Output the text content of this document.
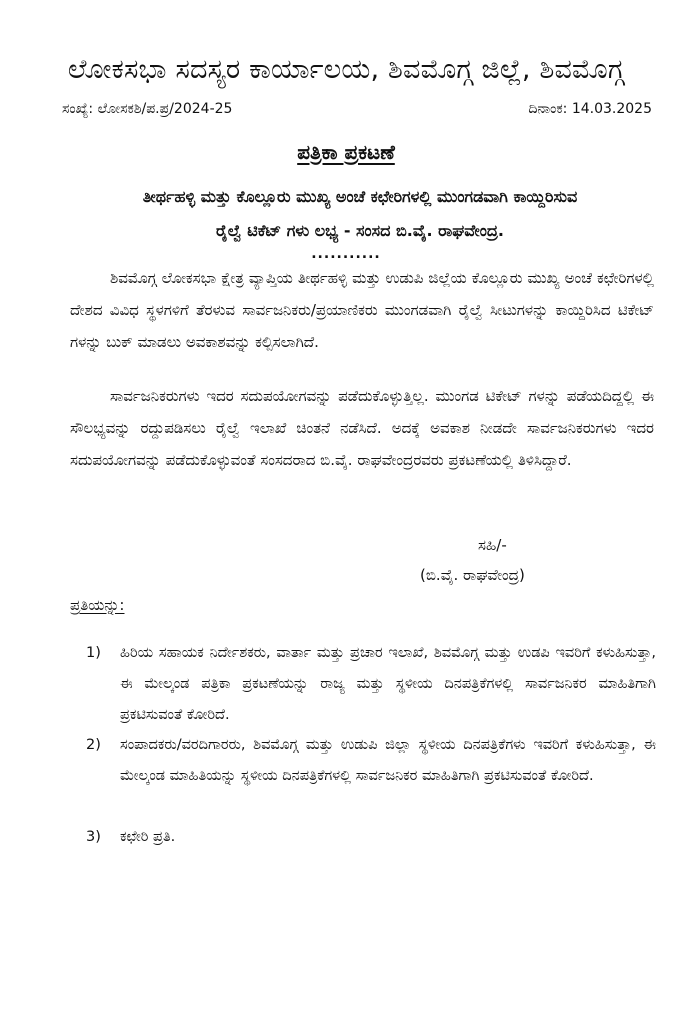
ಲೋಕಸಭಾ ಸದಸ್ಯರ ಕಾರ್ಯಾಲಯ, ಶಿವಮೊಗ್ಗ ಜಿಲ್ಲೆ, ಶಿವಮೊಗ್ಗ
ಸಂಖ್ಯೆ: ಲೋಸಕಶಿ/ಪ.ಪ್ರ/2024-25	ದಿನಾಂಕ: 14.03.2025
ಪತ್ರಿಕಾ ಪ್ರಕಟಣೆ
ತೀರ್ಥಹಳ್ಳಿ ಮತ್ತು ಕೊಲ್ಲೂರು ಮುಖ್ಯ ಅಂಚೆ ಕಛೇರಿಗಳಲ್ಲಿ ಮುಂಗಡವಾಗಿ ಕಾಯ್ದಿರಿಸುವ
ರೈಲ್ವೆ ಟಿಕೆಟ್ ಗಳು ಲಭ್ಯ - ಸಂಸದ ಬಿ.ವೈ. ರಾಘವೇಂದ್ರ.
...........
ಶಿವಮೊಗ್ಗ ಲೋಕಸಭಾ ಕ್ಷೇತ್ರ ವ್ಯಾಪ್ತಿಯ ತೀರ್ಥಹಳ್ಳಿ ಮತ್ತು ಉಡುಪಿ ಜಿಲ್ಲೆಯ ಕೊಲ್ಲೂರು ಮುಖ್ಯ ಅಂಚೆ ಕಛೇರಿಗಳಲ್ಲಿ ದೇಶದ ವಿವಿಧ ಸ್ಥಳಗಳಿಗೆ ತೆರಳುವ ಸಾರ್ವಜನಿಕರು/ಪ್ರಯಾಣಿಕರು ಮುಂಗಡವಾಗಿ ರೈಲ್ವೆ ಸೀಟುಗಳನ್ನು ಕಾಯ್ದಿರಿಸಿದ ಟಿಕೇಟ್ ಗಳನ್ನು ಬುಕ್ ಮಾಡಲು ಅವಕಾಶವನ್ನು ಕಲ್ಪಿಸಲಾಗಿದೆ.
ಸಾರ್ವಜನಿಕರುಗಳು ಇದರ ಸದುಪಯೋಗವನ್ನು ಪಡೆದುಕೊಳ್ಳುತ್ತಿಲ್ಲ. ಮುಂಗಡ ಟಿಕೇಟ್ ಗಳನ್ನು ಪಡೆಯದಿದ್ದಲ್ಲಿ ಈ ಸೌಲಭ್ಯವನ್ನು ರದ್ದುಪಡಿಸಲು ರೈಲ್ವೆ ಇಲಾಖೆ ಚಿಂತನೆ ನಡೆಸಿದೆ. ಅದಕ್ಕೆ ಅವಕಾಶ ನೀಡದೇ ಸಾರ್ವಜನಿಕರುಗಳು ಇದರ ಸದುಪಯೋಗವನ್ನು ಪಡೆದುಕೊಳ್ಳುವಂತೆ ಸಂಸದರಾದ ಬಿ.ವೈ. ರಾಘವೇಂದ್ರರವರು ಪ್ರಕಟಣೆಯಲ್ಲಿ ತಿಳಿಸಿದ್ದಾರೆ.
ಸಹಿ/-
(ಬಿ.ವೈ. ರಾಘವೇಂದ್ರ)
ಪ್ರತಿಯನ್ನು:
1)	ಹಿರಿಯ ಸಹಾಯಕ ನಿರ್ದೇಶಕರು, ವಾರ್ತಾ ಮತ್ತು ಪ್ರಚಾರ ಇಲಾಖೆ, ಶಿವಮೊಗ್ಗ ಮತ್ತು ಉಡಪಿ ಇವರಿಗೆ ಕಳುಹಿಸುತ್ತಾ, ಈ ಮೇಲ್ಕಂಡ ಪತ್ರಿಕಾ ಪ್ರಕಟಣೆಯನ್ನು ರಾಜ್ಯ ಮತ್ತು ಸ್ಥಳೀಯ ದಿನಪತ್ರಿಕೆಗಳಲ್ಲಿ ಸಾರ್ವಜನಿಕರ ಮಾಹಿತಿಗಾಗಿ ಪ್ರಕಟಿಸುವಂತೆ ಕೋರಿದೆ.
2)	ಸಂಪಾದಕರು/ವರದಿಗಾರರು, ಶಿವಮೊಗ್ಗ ಮತ್ತು ಉಡುಪಿ ಜಿಲ್ಲಾ ಸ್ಥಳೀಯ ದಿನಪತ್ರಿಕೆಗಳು ಇವರಿಗೆ ಕಳುಹಿಸುತ್ತಾ, ಈ ಮೇಲ್ಕಂಡ ಮಾಹಿತಿಯನ್ನು ಸ್ಥಳೀಯ ದಿನಪತ್ರಿಕೆಗಳಲ್ಲಿ ಸಾರ್ವಜನಿಕರ ಮಾಹಿತಿಗಾಗಿ ಪ್ರಕಟಿಸುವಂತೆ ಕೋರಿದೆ.
3)	ಕಛೇರಿ ಪ್ರತಿ.
